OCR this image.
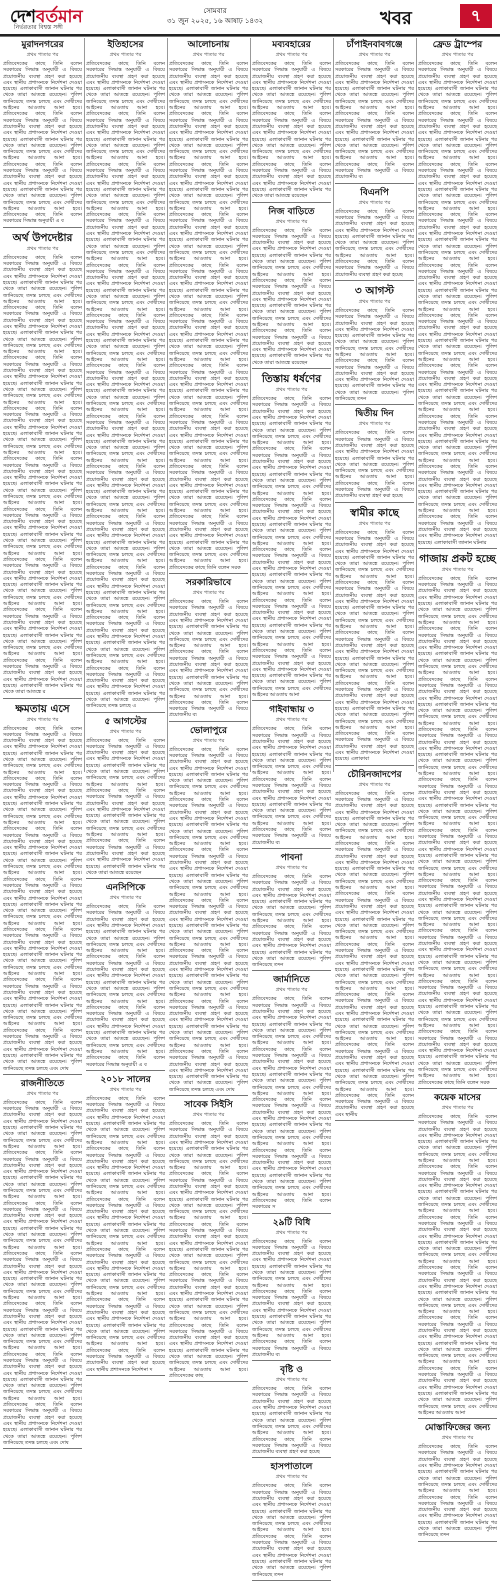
দেশবর্তমান
নির্ভরতার বিশ্বস্ত সঙ্গী
সোমবার
৩১ জুন ২০২৫, ১৬ আষাঢ় ১৪৩২	খবর	৭
মুরাদনগরের
প্রথম পাতার পর
প্রতিবেদকের কাছে তিনি বলেন সরকারের সিদ্ধান্ত অনুযায়ী এ বিষয়ে প্রয়োজনীয় ব্যবস্থা গ্রহণ করা হয়েছে এবং স্থানীয় প্রশাসনকে নির্দেশনা দেওয়া হয়েছে। এলাকাবাসী জানান ঘটনার পর থেকে তারা আতঙ্কে রয়েছেন। পুলিশ জানিয়েছে তদন্ত চলছে এবং দোষীদের আইনের আওতায় আনা হবে। প্রতিবেদকের কাছে তিনি বলেন সরকারের সিদ্ধান্ত অনুযায়ী এ বিষয়ে প্রয়োজনীয় ব্যবস্থা গ্রহণ করা হয়েছে এবং স্থানীয় প্রশাসনকে নির্দেশনা দেওয়া হয়েছে। এলাকাবাসী জানান ঘটনার পর থেকে তারা আতঙ্কে রয়েছেন। পুলিশ জানিয়েছে তদন্ত চলছে এবং দোষীদের আইনের আওতায় আনা হবে। প্রতিবেদকের কাছে তিনি বলেন সরকারের সিদ্ধান্ত অনুযায়ী এ বিষয়ে প্রয়োজনীয় ব্যবস্থা গ্রহণ করা হয়েছে এবং স্থানীয় প্রশাসনকে নির্দেশনা দেওয়া হয়েছে। এলাকাবাসী জানান ঘটনার পর থেকে তারা আতঙ্কে রয়েছেন। পুলিশ জানিয়েছে তদন্ত চলছে এবং দোষীদের আইনের আওতায় আনা হবে। প্রতিবেদকের কাছে তিনি বলেন সরকারের সিদ্ধান্ত অনুযায়ী এ ব
অর্থ উপদেষ্টার
প্রথম পাতার পর
প্রতিবেদকের কাছে তিনি বলেন সরকারের সিদ্ধান্ত অনুযায়ী এ বিষয়ে প্রয়োজনীয় ব্যবস্থা গ্রহণ করা হয়েছে এবং স্থানীয় প্রশাসনকে নির্দেশনা দেওয়া হয়েছে। এলাকাবাসী জানান ঘটনার পর থেকে তারা আতঙ্কে রয়েছেন। পুলিশ জানিয়েছে তদন্ত চলছে এবং দোষীদের আইনের আওতায় আনা হবে। প্রতিবেদকের কাছে তিনি বলেন সরকারের সিদ্ধান্ত অনুযায়ী এ বিষয়ে প্রয়োজনীয় ব্যবস্থা গ্রহণ করা হয়েছে এবং স্থানীয় প্রশাসনকে নির্দেশনা দেওয়া হয়েছে। এলাকাবাসী জানান ঘটনার পর থেকে তারা আতঙ্কে রয়েছেন। পুলিশ জানিয়েছে তদন্ত চলছে এবং দোষীদের আইনের আওতায় আনা হবে। প্রতিবেদকের কাছে তিনি বলেন সরকারের সিদ্ধান্ত অনুযায়ী এ বিষয়ে প্রয়োজনীয় ব্যবস্থা গ্রহণ করা হয়েছে এবং স্থানীয় প্রশাসনকে নির্দেশনা দেওয়া হয়েছে। এলাকাবাসী জানান ঘটনার পর থেকে তারা আতঙ্কে রয়েছেন। পুলিশ জানিয়েছে তদন্ত চলছে এবং দোষীদের আইনের আওতায় আনা হবে। প্রতিবেদকের কাছে তিনি বলেন সরকারের সিদ্ধান্ত অনুযায়ী এ বিষয়ে প্রয়োজনীয় ব্যবস্থা গ্রহণ করা হয়েছে এবং স্থানীয় প্রশাসনকে নির্দেশনা দেওয়া হয়েছে। এলাকাবাসী জানান ঘটনার পর থেকে তারা আতঙ্কে রয়েছেন। পুলিশ জানিয়েছে তদন্ত চলছে এবং দোষীদের আইনের আওতায় আনা হবে। প্রতিবেদকের কাছে তিনি বলেন সরকারের সিদ্ধান্ত অনুযায়ী এ বিষয়ে প্রয়োজনীয় ব্যবস্থা গ্রহণ করা হয়েছে এবং স্থানীয় প্রশাসনকে নির্দেশনা দেওয়া হয়েছে। এলাকাবাসী জানান ঘটনার পর থেকে তারা আতঙ্কে রয়েছেন। পুলিশ জানিয়েছে তদন্ত চলছে এবং দোষীদের আইনের আওতায় আনা হবে। প্রতিবেদকের কাছে তিনি বলেন সরকারের সিদ্ধান্ত অনুযায়ী এ বিষয়ে প্রয়োজনীয় ব্যবস্থা গ্রহণ করা হয়েছে এবং স্থানীয় প্রশাসনকে নির্দেশনা দেওয়া হয়েছে। এলাকাবাসী জানান ঘটনার পর থেকে তারা আতঙ্কে রয়েছেন। পুলিশ জানিয়েছে তদন্ত চলছে এবং দোষীদের আইনের আওতায় আনা হবে। প্রতিবেদকের কাছে তিনি বলেন সরকারের সিদ্ধান্ত অনুযায়ী এ বিষয়ে প্রয়োজনীয় ব্যবস্থা গ্রহণ করা হয়েছে এবং স্থানীয় প্রশাসনকে নির্দেশনা দেওয়া হয়েছে। এলাকাবাসী জানান ঘটনার পর থেকে তারা আতঙ্কে রয়েছেন। পুলিশ জানিয়েছে তদন্ত চলছে এবং দোষীদের আইনের আওতায় আনা হবে। প্রতিবেদকের কাছে তিনি বলেন সরকারের সিদ্ধান্ত অনুযায়ী এ বিষয়ে প্রয়োজনীয় ব্যবস্থা গ্রহণ করা হয়েছে এবং স্থানীয় প্রশাসনকে নির্দেশনা দেওয়া হয়েছে। এলাকাবাসী জানান ঘটনার পর থেকে তারা আতঙ্কে রয়েছেন। পুলিশ জানিয়েছে তদন্ত চলছে এবং দোষীদের আইনের আওতায় আনা হবে। প্রতিবেদকের কাছে তিনি বলেন সরকারের সিদ্ধান্ত অনুযায়ী এ বিষয়ে প্রয়োজনীয় ব্যবস্থা গ্রহণ করা হয়েছে এবং স্থানীয় প্রশাসনকে নির্দেশনা দেওয়া হয়েছে। এলাকাবাসী জানান ঘটনার পর থেকে তারা আতঙ্কে র
ক্ষমতায় এসে
প্রথম পাতার পর
প্রতিবেদকের কাছে তিনি বলেন সরকারের সিদ্ধান্ত অনুযায়ী এ বিষয়ে প্রয়োজনীয় ব্যবস্থা গ্রহণ করা হয়েছে এবং স্থানীয় প্রশাসনকে নির্দেশনা দেওয়া হয়েছে। এলাকাবাসী জানান ঘটনার পর থেকে তারা আতঙ্কে রয়েছেন। পুলিশ জানিয়েছে তদন্ত চলছে এবং দোষীদের আইনের আওতায় আনা হবে। প্রতিবেদকের কাছে তিনি বলেন সরকারের সিদ্ধান্ত অনুযায়ী এ বিষয়ে প্রয়োজনীয় ব্যবস্থা গ্রহণ করা হয়েছে এবং স্থানীয় প্রশাসনকে নির্দেশনা দেওয়া হয়েছে। এলাকাবাসী জানান ঘটনার পর থেকে তারা আতঙ্কে রয়েছেন। পুলিশ জানিয়েছে তদন্ত চলছে এবং দোষীদের আইনের আওতায় আনা হবে। প্রতিবেদকের কাছে তিনি বলেন সরকারের সিদ্ধান্ত অনুযায়ী এ বিষয়ে প্রয়োজনীয় ব্যবস্থা গ্রহণ করা হয়েছে এবং স্থানীয় প্রশাসনকে নির্দেশনা দেওয়া হয়েছে। এলাকাবাসী জানান ঘটনার পর থেকে তারা আতঙ্কে রয়েছেন। পুলিশ জানিয়েছে তদন্ত চলছে এবং দোষীদের আইনের আওতায় আনা হবে। প্রতিবেদকের কাছে তিনি বলেন সরকারের সিদ্ধান্ত অনুযায়ী এ বিষয়ে প্রয়োজনীয় ব্যবস্থা গ্রহণ করা হয়েছে এবং স্থানীয় প্রশাসনকে নির্দেশনা দেওয়া হয়েছে। এলাকাবাসী জানান ঘটনার পর থেকে তারা আতঙ্কে রয়েছেন। পুলিশ জানিয়েছে তদন্ত চলছে এবং দোষীদের আইনের আওতায় আনা হবে। প্রতিবেদকের কাছে তিনি বলেন সরকারের সিদ্ধান্ত অনুযায়ী এ বিষয়ে প্রয়োজনীয় ব্যবস্থা গ্রহণ করা হয়েছে এবং স্থানীয় প্রশাসনকে নির্দেশনা দেওয়া হয়েছে। এলাকাবাসী জানান ঘটনার পর থেকে তারা আতঙ্কে রয়েছেন। পুলিশ জানিয়েছে তদন্ত চলছে এবং দোষীদের আইনের আওতায় আনা হবে। প্রতিবেদকের কাছে তিনি বলেন সরকারের সিদ্ধান্ত অনুযায়ী এ বিষয়ে প্রয়োজনীয় ব্যবস্থা গ্রহণ করা হয়েছে এবং স্থানীয় প্রশাসনকে নির্দেশনা দেওয়া হয়েছে। এলাকাবাসী জানান ঘটনার পর থেকে তারা আতঙ্কে রয়েছেন। পুলিশ জানিয়েছে তদন্ত চলছে এবং দোষীদের আইনের আওতায় আনা হবে। প্রতিবেদকের কাছে তিনি বলেন সরকারের সিদ্ধান্ত অনুযায়ী এ বিষয়ে প্রয়োজনীয় ব্যবস্থা গ্রহণ করা হয়েছে এবং স্থানীয় প্রশাসনকে নির্দেশনা দেওয়া হয়েছে। এলাকাবাসী জানান ঘটনার পর থেকে তারা আতঙ্কে রয়েছেন। পুলিশ জানিয়েছে তদন্ত চলছে এবং দোষ
রাজনীতিতে
প্রথম পাতার পর
প্রতিবেদকের কাছে তিনি বলেন সরকারের সিদ্ধান্ত অনুযায়ী এ বিষয়ে প্রয়োজনীয় ব্যবস্থা গ্রহণ করা হয়েছে এবং স্থানীয় প্রশাসনকে নির্দেশনা দেওয়া হয়েছে। এলাকাবাসী জানান ঘটনার পর থেকে তারা আতঙ্কে রয়েছেন। পুলিশ জানিয়েছে তদন্ত চলছে এবং দোষীদের আইনের আওতায় আনা হবে। প্রতিবেদকের কাছে তিনি বলেন সরকারের সিদ্ধান্ত অনুযায়ী এ বিষয়ে প্রয়োজনীয় ব্যবস্থা গ্রহণ করা হয়েছে এবং স্থানীয় প্রশাসনকে নির্দেশনা দেওয়া হয়েছে। এলাকাবাসী জানান ঘটনার পর থেকে তারা আতঙ্কে রয়েছেন। পুলিশ জানিয়েছে তদন্ত চলছে এবং দোষীদের আইনের আওতায় আনা হবে। প্রতিবেদকের কাছে তিনি বলেন সরকারের সিদ্ধান্ত অনুযায়ী এ বিষয়ে প্রয়োজনীয় ব্যবস্থা গ্রহণ করা হয়েছে এবং স্থানীয় প্রশাসনকে নির্দেশনা দেওয়া হয়েছে। এলাকাবাসী জানান ঘটনার পর থেকে তারা আতঙ্কে রয়েছেন। পুলিশ জানিয়েছে তদন্ত চলছে এবং দোষীদের আইনের আওতায় আনা হবে। প্রতিবেদকের কাছে তিনি বলেন সরকারের সিদ্ধান্ত অনুযায়ী এ বিষয়ে প্রয়োজনীয় ব্যবস্থা গ্রহণ করা হয়েছে এবং স্থানীয় প্রশাসনকে নির্দেশনা দেওয়া হয়েছে। এলাকাবাসী জানান ঘটনার পর থেকে তারা আতঙ্কে রয়েছেন। পুলিশ জানিয়েছে তদন্ত চলছে এবং দোষীদের আইনের আওতায় আনা হবে। প্রতিবেদকের কাছে তিনি বলেন সরকারের সিদ্ধান্ত অনুযায়ী এ বিষয়ে প্রয়োজনীয় ব্যবস্থা গ্রহণ করা হয়েছে এবং স্থানীয় প্রশাসনকে নির্দেশনা দেওয়া হয়েছে। এলাকাবাসী জানান ঘটনার পর থেকে তারা আতঙ্কে রয়েছেন। পুলিশ জানিয়েছে তদন্ত চলছে এবং দোষীদের আইনের আওতায় আনা হবে। প্রতিবেদকের কাছে তিনি বলেন সরকারের সিদ্ধান্ত অনুযায়ী এ বিষয়ে প্রয়োজনীয় ব্যবস্থা গ্রহণ করা হয়েছে এবং স্থানীয় প্রশাসনকে নির্দেশনা দেওয়া হয়েছে। এলাকাবাসী জানান ঘটনার পর থেকে তারা আতঙ্কে রয়েছেন। পুলিশ জানিয়েছে তদন্ত চলছে এবং দোষীদের আইনের আওতায় আনা হবে। প্রতিবেদকের কাছে তিনি বলেন সরকারের সিদ্ধান্ত অনুযায়ী এ বিষয়ে প্রয়োজনীয় ব্যবস্থা গ্রহণ করা হয়েছে এবং স্থানীয় প্রশাসনকে নির্দেশনা দেওয়া হয়েছে। এলাকাবাসী জানান ঘটনার পর থেকে তারা আতঙ্কে রয়েছেন। পুলিশ জানিয়েছে তদন্ত চলছে এবং দোষ
ইতিহাসের
প্রথম পাতার পর
প্রতিবেদকের কাছে তিনি বলেন সরকারের সিদ্ধান্ত অনুযায়ী এ বিষয়ে প্রয়োজনীয় ব্যবস্থা গ্রহণ করা হয়েছে এবং স্থানীয় প্রশাসনকে নির্দেশনা দেওয়া হয়েছে। এলাকাবাসী জানান ঘটনার পর থেকে তারা আতঙ্কে রয়েছেন। পুলিশ জানিয়েছে তদন্ত চলছে এবং দোষীদের আইনের আওতায় আনা হবে। প্রতিবেদকের কাছে তিনি বলেন সরকারের সিদ্ধান্ত অনুযায়ী এ বিষয়ে প্রয়োজনীয় ব্যবস্থা গ্রহণ করা হয়েছে এবং স্থানীয় প্রশাসনকে নির্দেশনা দেওয়া হয়েছে। এলাকাবাসী জানান ঘটনার পর থেকে তারা আতঙ্কে রয়েছেন। পুলিশ জানিয়েছে তদন্ত চলছে এবং দোষীদের আইনের আওতায় আনা হবে। প্রতিবেদকের কাছে তিনি বলেন সরকারের সিদ্ধান্ত অনুযায়ী এ বিষয়ে প্রয়োজনীয় ব্যবস্থা গ্রহণ করা হয়েছে এবং স্থানীয় প্রশাসনকে নির্দেশনা দেওয়া হয়েছে। এলাকাবাসী জানান ঘটনার পর থেকে তারা আতঙ্কে রয়েছেন। পুলিশ জানিয়েছে তদন্ত চলছে এবং দোষীদের আইনের আওতায় আনা হবে। প্রতিবেদকের কাছে তিনি বলেন সরকারের সিদ্ধান্ত অনুযায়ী এ বিষয়ে প্রয়োজনীয় ব্যবস্থা গ্রহণ করা হয়েছে এবং স্থানীয় প্রশাসনকে নির্দেশনা দেওয়া হয়েছে। এলাকাবাসী জানান ঘটনার পর থেকে তারা আতঙ্কে রয়েছেন। পুলিশ জানিয়েছে তদন্ত চলছে এবং দোষীদের আইনের আওতায় আনা হবে। প্রতিবেদকের কাছে তিনি বলেন সরকারের সিদ্ধান্ত অনুযায়ী এ বিষয়ে প্রয়োজনীয় ব্যবস্থা গ্রহণ করা হয়েছে এবং স্থানীয় প্রশাসনকে নির্দেশনা দেওয়া হয়েছে। এলাকাবাসী জানান ঘটনার পর থেকে তারা আতঙ্কে রয়েছেন। পুলিশ জানিয়েছে তদন্ত চলছে এবং দোষীদের আইনের আওতায় আনা হবে। প্রতিবেদকের কাছে তিনি বলেন সরকারের সিদ্ধান্ত অনুযায়ী এ বিষয়ে প্রয়োজনীয় ব্যবস্থা গ্রহণ করা হয়েছে এবং স্থানীয় প্রশাসনকে নির্দেশনা দেওয়া হয়েছে। এলাকাবাসী জানান ঘটনার পর থেকে তারা আতঙ্কে রয়েছেন। পুলিশ জানিয়েছে তদন্ত চলছে এবং দোষীদের আইনের আওতায় আনা হবে। প্রতিবেদকের কাছে তিনি বলেন সরকারের সিদ্ধান্ত অনুযায়ী এ বিষয়ে প্রয়োজনীয় ব্যবস্থা গ্রহণ করা হয়েছে এবং স্থানীয় প্রশাসনকে নির্দেশনা দেওয়া হয়েছে। এলাকাবাসী জানান ঘটনার পর থেকে তারা আতঙ্কে রয়েছেন। পুলিশ জানিয়েছে তদন্ত চলছে এবং দোষীদের আইনের আওতায় আনা হবে। প্রতিবেদকের কাছে তিনি বলেন সরকারের সিদ্ধান্ত অনুযায়ী এ বিষয়ে প্রয়োজনীয় ব্যবস্থা গ্রহণ করা হয়েছে এবং স্থানীয় প্রশাসনকে নির্দেশনা দেওয়া হয়েছে। এলাকাবাসী জানান ঘটনার পর থেকে তারা আতঙ্কে রয়েছেন। পুলিশ জানিয়েছে তদন্ত চলছে এবং দোষীদের আইনের আওতায় আনা হবে। প্রতিবেদকের কাছে তিনি বলেন সরকারের সিদ্ধান্ত অনুযায়ী এ বিষয়ে প্রয়োজনীয় ব্যবস্থা গ্রহণ করা হয়েছে এবং স্থানীয় প্রশাসনকে নির্দেশনা দেওয়া হয়েছে। এলাকাবাসী জানান ঘটনার পর থেকে তারা আতঙ্কে রয়েছেন। পুলিশ জানিয়েছে তদন্ত চলছে এবং দোষীদের আইনের আওতায় আনা হবে। প্রতিবেদকের কাছে তিনি বলেন সরকারের সিদ্ধান্ত অনুযায়ী এ বিষয়ে প্রয়োজনীয় ব্যবস্থা গ্রহণ করা হয়েছে এবং স্থানীয় প্রশাসনকে নির্দেশনা দেওয়া হয়েছে। এলাকাবাসী জানান ঘটনার পর থেকে তারা আতঙ্কে রয়েছেন। পুলিশ জানিয়েছে তদন্ত চলছে এবং দোষীদের আইনের আওতায় আনা হবে। প্রতিবেদকের কাছে তিনি বলেন সরকারের সিদ্ধান্ত অনুযায়ী এ বিষয়ে প্রয়োজনীয় ব্যবস্থা গ্রহণ করা হয়েছে এবং স্থানীয় প্রশাসনকে নির্দেশনা দেওয়া হয়েছে। এলাকাবাসী জানান ঘটনার পর থেকে তারা আতঙ্কে রয়েছেন। পুলিশ জানিয়েছে তদন্ত চলছে এবং দোষীদের আইনের আওতায় আনা হবে। প্রতিবেদকের কাছে তিনি বলেন সরকারের সিদ্ধান্ত অনুযায়ী এ বিষয়ে প্রয়োজনীয় ব্যবস্থা গ্রহণ করা হয়েছে এবং স্থানীয় প্রশাসনকে নির্দেশনা দেওয়া হয়েছে। এলাকাবাসী জানান ঘটনার পর থেকে তারা আতঙ্কে রয়েছেন। পুলিশ জানিয়েছে তদন্ত চলছে এবং দোষীদের আইনের আওতায় আনা হবে। প্রতিবেদকের কাছে তিনি বলেন সরকারের সিদ্ধান্ত অনুযায়ী এ বিষয়ে প্রয়োজনীয় ব্যবস্থা গ্রহণ করা হয়েছে এবং স্থানীয় প্রশাসনকে নির্দেশনা দেওয়া হয়েছে। এলাকাবাসী জানান ঘটনার পর থেকে তারা আতঙ্কে রয়েছেন। পুলিশ জানিয়েছে তদন্ত চলছে এ
৫ আগস্টের
প্রথম পাতার পর
প্রতিবেদকের কাছে তিনি বলেন সরকারের সিদ্ধান্ত অনুযায়ী এ বিষয়ে প্রয়োজনীয় ব্যবস্থা গ্রহণ করা হয়েছে এবং স্থানীয় প্রশাসনকে নির্দেশনা দেওয়া হয়েছে। এলাকাবাসী জানান ঘটনার পর থেকে তারা আতঙ্কে রয়েছেন। পুলিশ জানিয়েছে তদন্ত চলছে এবং দোষীদের আইনের আওতায় আনা হবে। প্রতিবেদকের কাছে তিনি বলেন সরকারের সিদ্ধান্ত অনুযায়ী এ বিষয়ে প্রয়োজনীয় ব্যবস্থা গ্রহণ করা হয়েছে এবং স্থানীয় প্রশাসনকে নির্দেশনা দেওয়া হয়েছে। এলাকাবাসী জানান ঘটনার পর থেকে তারা আতঙ্কে রয়েছেন। পুলিশ জানিয়েছে তদন্ত চলছে এবং দোষীদের আইনের আওতায় আনা হবে। প্রতিবেদকের কাছে তিনি বলেন সরকারের সিদ্ধান্ত অনুযায়ী এ বিষয়ে প্রয়োজনীয় ব্যবস্থা গ্রহণ করা হয়েছে এবং স্থানীয় প্রশাসনকে নির্দেশনা দেওয়া হয়েছে। এলাকাবাসী জানান ঘটনার পর থেকে তারা আতঙ্কে রয়েছেন
এনসিপিকে
প্রথম পাতার পর
প্রতিবেদকের কাছে তিনি বলেন সরকারের সিদ্ধান্ত অনুযায়ী এ বিষয়ে প্রয়োজনীয় ব্যবস্থা গ্রহণ করা হয়েছে এবং স্থানীয় প্রশাসনকে নির্দেশনা দেওয়া হয়েছে। এলাকাবাসী জানান ঘটনার পর থেকে তারা আতঙ্কে রয়েছেন। পুলিশ জানিয়েছে তদন্ত চলছে এবং দোষীদের আইনের আওতায় আনা হবে। প্রতিবেদকের কাছে তিনি বলেন সরকারের সিদ্ধান্ত অনুযায়ী এ বিষয়ে প্রয়োজনীয় ব্যবস্থা গ্রহণ করা হয়েছে এবং স্থানীয় প্রশাসনকে নির্দেশনা দেওয়া হয়েছে। এলাকাবাসী জানান ঘটনার পর থেকে তারা আতঙ্কে রয়েছেন। পুলিশ জানিয়েছে তদন্ত চলছে এবং দোষীদের আইনের আওতায় আনা হবে। প্রতিবেদকের কাছে তিনি বলেন সরকারের সিদ্ধান্ত অনুযায়ী এ বিষয়ে প্রয়োজনীয় ব্যবস্থা গ্রহণ করা হয়েছে এবং স্থানীয় প্রশাসনকে নির্দেশনা দেওয়া হয়েছে। এলাকাবাসী জানান ঘটনার পর থেকে তারা আতঙ্কে রয়েছেন। পুলিশ জানিয়েছে তদন্ত চলছে এবং দোষীদের আইনের আওতায় আনা হবে। প্রতিবেদকের কাছে তিনি বলেন সরকারের সিদ্ধান্ত অনুযায়ী এ ব
২০১৮ সালের
প্রথম পাতার পর
প্রতিবেদকের কাছে তিনি বলেন সরকারের সিদ্ধান্ত অনুযায়ী এ বিষয়ে প্রয়োজনীয় ব্যবস্থা গ্রহণ করা হয়েছে এবং স্থানীয় প্রশাসনকে নির্দেশনা দেওয়া হয়েছে। এলাকাবাসী জানান ঘটনার পর থেকে তারা আতঙ্কে রয়েছেন। পুলিশ জানিয়েছে তদন্ত চলছে এবং দোষীদের আইনের আওতায় আনা হবে। প্রতিবেদকের কাছে তিনি বলেন সরকারের সিদ্ধান্ত অনুযায়ী এ বিষয়ে প্রয়োজনীয় ব্যবস্থা গ্রহণ করা হয়েছে এবং স্থানীয় প্রশাসনকে নির্দেশনা দেওয়া হয়েছে। এলাকাবাসী জানান ঘটনার পর থেকে তারা আতঙ্কে রয়েছেন। পুলিশ জানিয়েছে তদন্ত চলছে এবং দোষীদের আইনের আওতায় আনা হবে। প্রতিবেদকের কাছে তিনি বলেন সরকারের সিদ্ধান্ত অনুযায়ী এ বিষয়ে প্রয়োজনীয় ব্যবস্থা গ্রহণ করা হয়েছে এবং স্থানীয় প্রশাসনকে নির্দেশনা দেওয়া হয়েছে। এলাকাবাসী জানান ঘটনার পর থেকে তারা আতঙ্কে রয়েছেন। পুলিশ জানিয়েছে তদন্ত চলছে এবং দোষীদের আইনের আওতায় আনা হবে। প্রতিবেদকের কাছে তিনি বলেন সরকারের সিদ্ধান্ত অনুযায়ী এ বিষয়ে প্রয়োজনীয় ব্যবস্থা গ্রহণ করা হয়েছে এবং স্থানীয় প্রশাসনকে নির্দেশনা দেওয়া হয়েছে। এলাকাবাসী জানান ঘটনার পর থেকে তারা আতঙ্কে রয়েছেন। পুলিশ জানিয়েছে তদন্ত চলছে এবং দোষীদের আইনের আওতায় আনা হবে। প্রতিবেদকের কাছে তিনি বলেন সরকারের সিদ্ধান্ত অনুযায়ী এ বিষয়ে প্রয়োজনীয় ব্যবস্থা গ্রহণ করা হয়েছে এবং স্থানীয় প্রশাসনকে নির্দেশনা দেওয়া হয়েছে। এলাকাবাসী জানান ঘটনার পর থেকে তারা আতঙ্কে রয়েছেন। পুলিশ জানিয়েছে তদন্ত চলছে এবং দোষীদের আইনের আওতায় আনা হবে। প্রতিবেদকের কাছে তিনি বলেন সরকারের সিদ্ধান্ত অনুযায়ী এ বিষয়ে প্রয়োজনীয় ব্যবস্থা গ্রহণ করা হয়েছে এবং স্থানীয় প্রশাসনকে নির্দেশনা দ
আলোচনায়
প্রথম পাতার পর
প্রতিবেদকের কাছে তিনি বলেন সরকারের সিদ্ধান্ত অনুযায়ী এ বিষয়ে প্রয়োজনীয় ব্যবস্থা গ্রহণ করা হয়েছে এবং স্থানীয় প্রশাসনকে নির্দেশনা দেওয়া হয়েছে। এলাকাবাসী জানান ঘটনার পর থেকে তারা আতঙ্কে রয়েছেন। পুলিশ জানিয়েছে তদন্ত চলছে এবং দোষীদের আইনের আওতায় আনা হবে। প্রতিবেদকের কাছে তিনি বলেন সরকারের সিদ্ধান্ত অনুযায়ী এ বিষয়ে প্রয়োজনীয় ব্যবস্থা গ্রহণ করা হয়েছে এবং স্থানীয় প্রশাসনকে নির্দেশনা দেওয়া হয়েছে। এলাকাবাসী জানান ঘটনার পর থেকে তারা আতঙ্কে রয়েছেন। পুলিশ জানিয়েছে তদন্ত চলছে এবং দোষীদের আইনের আওতায় আনা হবে। প্রতিবেদকের কাছে তিনি বলেন সরকারের সিদ্ধান্ত অনুযায়ী এ বিষয়ে প্রয়োজনীয় ব্যবস্থা গ্রহণ করা হয়েছে এবং স্থানীয় প্রশাসনকে নির্দেশনা দেওয়া হয়েছে। এলাকাবাসী জানান ঘটনার পর থেকে তারা আতঙ্কে রয়েছেন। পুলিশ জানিয়েছে তদন্ত চলছে এবং দোষীদের আইনের আওতায় আনা হবে। প্রতিবেদকের কাছে তিনি বলেন সরকারের সিদ্ধান্ত অনুযায়ী এ বিষয়ে প্রয়োজনীয় ব্যবস্থা গ্রহণ করা হয়েছে এবং স্থানীয় প্রশাসনকে নির্দেশনা দেওয়া হয়েছে। এলাকাবাসী জানান ঘটনার পর থেকে তারা আতঙ্কে রয়েছেন। পুলিশ জানিয়েছে তদন্ত চলছে এবং দোষীদের আইনের আওতায় আনা হবে। প্রতিবেদকের কাছে তিনি বলেন সরকারের সিদ্ধান্ত অনুযায়ী এ বিষয়ে প্রয়োজনীয় ব্যবস্থা গ্রহণ করা হয়েছে এবং স্থানীয় প্রশাসনকে নির্দেশনা দেওয়া হয়েছে। এলাকাবাসী জানান ঘটনার পর থেকে তারা আতঙ্কে রয়েছেন। পুলিশ জানিয়েছে তদন্ত চলছে এবং দোষীদের আইনের আওতায় আনা হবে। প্রতিবেদকের কাছে তিনি বলেন সরকারের সিদ্ধান্ত অনুযায়ী এ বিষয়ে প্রয়োজনীয় ব্যবস্থা গ্রহণ করা হয়েছে এবং স্থানীয় প্রশাসনকে নির্দেশনা দেওয়া হয়েছে। এলাকাবাসী জানান ঘটনার পর থেকে তারা আতঙ্কে রয়েছেন। পুলিশ জানিয়েছে তদন্ত চলছে এবং দোষীদের আইনের আওতায় আনা হবে। প্রতিবেদকের কাছে তিনি বলেন সরকারের সিদ্ধান্ত অনুযায়ী এ বিষয়ে প্রয়োজনীয় ব্যবস্থা গ্রহণ করা হয়েছে এবং স্থানীয় প্রশাসনকে নির্দেশনা দেওয়া হয়েছে। এলাকাবাসী জানান ঘটনার পর থেকে তারা আতঙ্কে রয়েছেন। পুলিশ জানিয়েছে তদন্ত চলছে এবং দোষীদের আইনের আওতায় আনা হবে। প্রতিবেদকের কাছে তিনি বলেন সরকারের সিদ্ধান্ত অনুযায়ী এ বিষয়ে প্রয়োজনীয় ব্যবস্থা গ্রহণ করা হয়েছে এবং স্থানীয় প্রশাসনকে নির্দেশনা দেওয়া হয়েছে। এলাকাবাসী জানান ঘটনার পর থেকে তারা আতঙ্কে রয়েছেন। পুলিশ জানিয়েছে তদন্ত চলছে এবং দোষীদের আইনের আওতায় আনা হবে। প্রতিবেদকের কাছে তিনি বলেন সরকারের সিদ্ধান্ত অনুযায়ী এ বিষয়ে প্রয়োজনীয় ব্যবস্থা গ্রহণ করা হয়েছে এবং স্থানীয় প্রশাসনকে নির্দেশনা দেওয়া হয়েছে। এলাকাবাসী জানান ঘটনার পর থেকে তারা আতঙ্কে রয়েছেন। পুলিশ জানিয়েছে তদন্ত চলছে এবং দোষীদের আইনের আওতায় আনা হবে। প্রতিবেদকের কাছে তিনি বলেন সরকারের সিদ্ধান্ত অনুযায়ী এ বিষয়ে প্রয়োজনীয় ব্যবস্থা গ্রহণ করা হয়েছে এবং স্থানীয় প্রশাসনকে নির্দেশনা দেওয়া হয়েছে। এলাকাবাসী জানান ঘটনার পর থেকে তারা আতঙ্কে রয়েছেন। পুলিশ জানিয়েছে তদন্ত চলছে এবং দোষীদের আইনের আওতায় আনা হবে। প্রতিবেদকের কাছে তিনি বলেন সরক
সরকারিভাবে
প্রথম পাতার পর
প্রতিবেদকের কাছে তিনি বলেন সরকারের সিদ্ধান্ত অনুযায়ী এ বিষয়ে প্রয়োজনীয় ব্যবস্থা গ্রহণ করা হয়েছে এবং স্থানীয় প্রশাসনকে নির্দেশনা দেওয়া হয়েছে। এলাকাবাসী জানান ঘটনার পর থেকে তারা আতঙ্কে রয়েছেন। পুলিশ জানিয়েছে তদন্ত চলছে এবং দোষীদের আইনের আওতায় আনা হবে। প্রতিবেদকের কাছে তিনি বলেন সরকারের সিদ্ধান্ত অনুযায়ী এ বিষয়ে প্রয়োজনীয় ব্যবস্থা গ্রহণ করা হয়েছে এবং স্থানীয় প্রশাসনকে নির্দেশনা দেওয়া হয়েছে। এলাকাবাসী জানান ঘটনার পর থেকে তারা আতঙ্কে রয়েছেন। পুলিশ জানিয়েছে তদন্ত চলছে এবং দোষীদের আইনের আওতায় আনা হবে। প্রতিবেদকের কাছে তিনি বলেন সরকারের সিদ্ধান্ত অনুযায়ী এ বিষয়ে প্রয়োজনীয় ব্য
ভোলাপুরে
প্রথম পাতার পর
প্রতিবেদকের কাছে তিনি বলেন সরকারের সিদ্ধান্ত অনুযায়ী এ বিষয়ে প্রয়োজনীয় ব্যবস্থা গ্রহণ করা হয়েছে এবং স্থানীয় প্রশাসনকে নির্দেশনা দেওয়া হয়েছে। এলাকাবাসী জানান ঘটনার পর থেকে তারা আতঙ্কে রয়েছেন। পুলিশ জানিয়েছে তদন্ত চলছে এবং দোষীদের আইনের আওতায় আনা হবে। প্রতিবেদকের কাছে তিনি বলেন সরকারের সিদ্ধান্ত অনুযায়ী এ বিষয়ে প্রয়োজনীয় ব্যবস্থা গ্রহণ করা হয়েছে এবং স্থানীয় প্রশাসনকে নির্দেশনা দেওয়া হয়েছে। এলাকাবাসী জানান ঘটনার পর থেকে তারা আতঙ্কে রয়েছেন। পুলিশ জানিয়েছে তদন্ত চলছে এবং দোষীদের আইনের আওতায় আনা হবে। প্রতিবেদকের কাছে তিনি বলেন সরকারের সিদ্ধান্ত অনুযায়ী এ বিষয়ে প্রয়োজনীয় ব্যবস্থা গ্রহণ করা হয়েছে এবং স্থানীয় প্রশাসনকে নির্দেশনা দেওয়া হয়েছে। এলাকাবাসী জানান ঘটনার পর থেকে তারা আতঙ্কে রয়েছেন। পুলিশ জানিয়েছে তদন্ত চলছে এবং দোষীদের আইনের আওতায় আনা হবে। প্রতিবেদকের কাছে তিনি বলেন সরকারের সিদ্ধান্ত অনুযায়ী এ বিষয়ে প্রয়োজনীয় ব্যবস্থা গ্রহণ করা হয়েছে এবং স্থানীয় প্রশাসনকে নির্দেশনা দেওয়া হয়েছে। এলাকাবাসী জানান ঘটনার পর থেকে তারা আতঙ্কে রয়েছেন। পুলিশ জানিয়েছে তদন্ত চলছে এবং দোষীদের আইনের আওতায় আনা হবে। প্রতিবেদকের কাছে তিনি বলেন সরকারের সিদ্ধান্ত অনুযায়ী এ বিষয়ে প্রয়োজনীয় ব্যবস্থা গ্রহণ করা হয়েছে এবং স্থানীয় প্রশাসনকে নির্দেশনা দেওয়া হয়েছে। এলাকাবাসী জানান ঘটনার পর থেকে তারা আতঙ্কে রয়েছেন। পুলিশ জানিয়েছে তদন্ত চলছে এবং দোষীদের আইনের আওতায় আনা হবে। প্রতিবেদকের কাছে তিনি বলেন সরকারের সিদ্ধান্ত অনুযায়ী এ বিষয়ে প্রয়োজনীয় ব্যবস্থা গ্রহণ করা হয়েছে এবং স্থানীয় প্রশাসনকে নির্দেশনা দেওয়া হয়েছে। এলাকাবাসী জানান ঘটনার পর থেকে তারা আতঙ্কে রয়েছেন। পুলিশ জানিয়েছে তদন্ত চলছে এবং দোষীদের আইনের আওতায় আনা হবে। প্রতিবেদকের কাছে তিনি বলেন সরকারের সিদ্ধান্ত অনুযায়ী এ বিষয়ে প্রয়োজনীয় ব্যবস্থা গ্রহণ করা হয়েছে এবং স্থানীয় প্রশাসনকে নির্দেশনা দেওয়া হয়েছে। এলাকাবাসী জানান ঘটনার পর থেকে তারা আতঙ্কে রয়েছেন। পুলিশ জানিয়েছে তদন্ত চলছে এবং দোষ
সাবেক সিইসি
প্রথম পাতার পর
প্রতিবেদকের কাছে তিনি বলেন সরকারের সিদ্ধান্ত অনুযায়ী এ বিষয়ে প্রয়োজনীয় ব্যবস্থা গ্রহণ করা হয়েছে এবং স্থানীয় প্রশাসনকে নির্দেশনা দেওয়া হয়েছে। এলাকাবাসী জানান ঘটনার পর থেকে তারা আতঙ্কে রয়েছেন। পুলিশ জানিয়েছে তদন্ত চলছে এবং দোষীদের আইনের আওতায় আনা হবে। প্রতিবেদকের কাছে তিনি বলেন সরকারের সিদ্ধান্ত অনুযায়ী এ বিষয়ে প্রয়োজনীয় ব্যবস্থা গ্রহণ করা হয়েছে এবং স্থানীয় প্রশাসনকে নির্দেশনা দেওয়া হয়েছে। এলাকাবাসী জানান ঘটনার পর থেকে তারা আতঙ্কে রয়েছেন। পুলিশ জানিয়েছে তদন্ত চলছে এবং দোষীদের আইনের আওতায় আনা হবে। প্রতিবেদকের কাছে তিনি বলেন সরকারের সিদ্ধান্ত অনুযায়ী এ বিষয়ে প্রয়োজনীয় ব্যবস্থা গ্রহণ করা হয়েছে এবং স্থানীয় প্রশাসনকে নির্দেশনা দেওয়া হয়েছে। এলাকাবাসী জানান ঘটনার পর থেকে তারা আতঙ্কে রয়েছেন। পুলিশ জানিয়েছে তদন্ত চলছে এবং দোষীদের আইনের আওতায় আনা হবে। প্রতিবেদকের কাছে তিনি বলেন সরকারের সিদ্ধান্ত অনুযায়ী এ বিষয়ে প্রয়োজনীয় ব্যবস্থা গ্রহণ করা হয়েছে এবং স্থানীয় প্রশাসনকে নির্দেশনা দেওয়া হয়েছে। এলাকাবাসী জানান ঘটনার পর থেকে তারা আতঙ্কে রয়েছেন। পুলিশ জানিয়েছে তদন্ত চলছে এবং দোষীদের আইনের আওতায় আনা হবে। প্রতিবেদকের কাছে তিনি বলেন সরকারের সিদ্ধান্ত অনুযায়ী এ বিষয়ে প্রয়োজনীয় ব্যবস্থা গ্রহণ করা হয়েছে এবং স্থানীয় প্রশাসনকে নির্দেশনা দেওয়া হয়েছে। এলাকাবাসী জানান ঘটনার পর থেকে তারা আতঙ্কে রয়েছেন। পুলিশ জানিয়েছে তদন্ত চলছে এবং দোষীদের আইনের আওতায় আনা হবে। প্রতিবেদকের কাছ
মব্যবহারের
প্রথম পাতার পর
প্রতিবেদকের কাছে তিনি বলেন সরকারের সিদ্ধান্ত অনুযায়ী এ বিষয়ে প্রয়োজনীয় ব্যবস্থা গ্রহণ করা হয়েছে এবং স্থানীয় প্রশাসনকে নির্দেশনা দেওয়া হয়েছে। এলাকাবাসী জানান ঘটনার পর থেকে তারা আতঙ্কে রয়েছেন। পুলিশ জানিয়েছে তদন্ত চলছে এবং দোষীদের আইনের আওতায় আনা হবে। প্রতিবেদকের কাছে তিনি বলেন সরকারের সিদ্ধান্ত অনুযায়ী এ বিষয়ে প্রয়োজনীয় ব্যবস্থা গ্রহণ করা হয়েছে এবং স্থানীয় প্রশাসনকে নির্দেশনা দেওয়া হয়েছে। এলাকাবাসী জানান ঘটনার পর থেকে তারা আতঙ্কে রয়েছেন। পুলিশ জানিয়েছে তদন্ত চলছে এবং দোষীদের আইনের আওতায় আনা হবে। প্রতিবেদকের কাছে তিনি বলেন সরকারের সিদ্ধান্ত অনুযায়ী এ বিষয়ে প্রয়োজনীয় ব্যবস্থা গ্রহণ করা হয়েছে এবং স্থানীয় প্রশাসনকে নির্দেশনা দেওয়া হয়েছে। এলাকাবাসী জানান ঘটনার পর থেকে তারা আতঙ্কে রয়েছেন
নিজ বাড়িতে
প্রথম পাতার পর
প্রতিবেদকের কাছে তিনি বলেন সরকারের সিদ্ধান্ত অনুযায়ী এ বিষয়ে প্রয়োজনীয় ব্যবস্থা গ্রহণ করা হয়েছে এবং স্থানীয় প্রশাসনকে নির্দেশনা দেওয়া হয়েছে। এলাকাবাসী জানান ঘটনার পর থেকে তারা আতঙ্কে রয়েছেন। পুলিশ জানিয়েছে তদন্ত চলছে এবং দোষীদের আইনের আওতায় আনা হবে। প্রতিবেদকের কাছে তিনি বলেন সরকারের সিদ্ধান্ত অনুযায়ী এ বিষয়ে প্রয়োজনীয় ব্যবস্থা গ্রহণ করা হয়েছে এবং স্থানীয় প্রশাসনকে নির্দেশনা দেওয়া হয়েছে। এলাকাবাসী জানান ঘটনার পর থেকে তারা আতঙ্কে রয়েছেন। পুলিশ জানিয়েছে তদন্ত চলছে এবং দোষীদের আইনের আওতায় আনা হবে। প্রতিবেদকের কাছে তিনি বলেন সরকারের সিদ্ধান্ত অনুযায়ী এ বিষয়ে প্রয়োজনীয় ব্যবস্থা গ্রহণ করা হয়েছে এবং স্থানীয় প্রশাসনকে নির্দেশনা দেওয়া হয়েছে। এলাকাবাসী জানান ঘটনার পর থেকে তারা আতঙ্কে রয়েছেন
তিস্তায় ধর্ষণের
প্রথম পাতার পর
প্রতিবেদকের কাছে তিনি বলেন সরকারের সিদ্ধান্ত অনুযায়ী এ বিষয়ে প্রয়োজনীয় ব্যবস্থা গ্রহণ করা হয়েছে এবং স্থানীয় প্রশাসনকে নির্দেশনা দেওয়া হয়েছে। এলাকাবাসী জানান ঘটনার পর থেকে তারা আতঙ্কে রয়েছেন। পুলিশ জানিয়েছে তদন্ত চলছে এবং দোষীদের আইনের আওতায় আনা হবে। প্রতিবেদকের কাছে তিনি বলেন সরকারের সিদ্ধান্ত অনুযায়ী এ বিষয়ে প্রয়োজনীয় ব্যবস্থা গ্রহণ করা হয়েছে এবং স্থানীয় প্রশাসনকে নির্দেশনা দেওয়া হয়েছে। এলাকাবাসী জানান ঘটনার পর থেকে তারা আতঙ্কে রয়েছেন। পুলিশ জানিয়েছে তদন্ত চলছে এবং দোষীদের আইনের আওতায় আনা হবে। প্রতিবেদকের কাছে তিনি বলেন সরকারের সিদ্ধান্ত অনুযায়ী এ বিষয়ে প্রয়োজনীয় ব্যবস্থা গ্রহণ করা হয়েছে এবং স্থানীয় প্রশাসনকে নির্দেশনা দেওয়া হয়েছে। এলাকাবাসী জানান ঘটনার পর থেকে তারা আতঙ্কে রয়েছেন। পুলিশ জানিয়েছে তদন্ত চলছে এবং দোষীদের আইনের আওতায় আনা হবে। প্রতিবেদকের কাছে তিনি বলেন সরকারের সিদ্ধান্ত অনুযায়ী এ বিষয়ে প্রয়োজনীয় ব্যবস্থা গ্রহণ করা হয়েছে এবং স্থানীয় প্রশাসনকে নির্দেশনা দেওয়া হয়েছে। এলাকাবাসী জানান ঘটনার পর থেকে তারা আতঙ্কে রয়েছেন। পুলিশ জানিয়েছে তদন্ত চলছে এবং দোষীদের আইনের আওতায় আনা হবে। প্রতিবেদকের কাছে তিনি বলেন সরকারের সিদ্ধান্ত অনুযায়ী এ বিষয়ে প্রয়োজনীয় ব্যবস্থা গ্রহণ করা হয়েছে এবং স্থানীয় প্রশাসনকে নির্দেশনা দেওয়া হয়েছে। এলাকাবাসী জানান ঘটনার পর থেকে তারা আতঙ্কে রয়েছেন। পুলিশ জানিয়েছে তদন্ত চলছে এবং দোষীদের আইনের আওতায় আনা হবে। প্রতিবেদকের কাছে তিনি বলেন সরকারের সিদ্ধান্ত অনুযায়ী এ বিষয়ে প্রয়োজনীয় ব্যবস্থা গ্রহণ করা হয়েছে এবং স্থানীয় প্রশাসনকে নির্দেশনা দেওয়া হয়েছে। এলাকাবাসী জানান ঘটনার পর থেকে তারা আতঙ্কে রয়েছেন। পুলিশ জানিয়েছে তদন্ত চলছে এবং দোষীদের আইনের আওতায় আনা
গাইবান্ধায় ৩
প্রথম পাতার পর
প্রতিবেদকের কাছে তিনি বলেন সরকারের সিদ্ধান্ত অনুযায়ী এ বিষয়ে প্রয়োজনীয় ব্যবস্থা গ্রহণ করা হয়েছে এবং স্থানীয় প্রশাসনকে নির্দেশনা দেওয়া হয়েছে। এলাকাবাসী জানান ঘটনার পর থেকে তারা আতঙ্কে রয়েছেন। পুলিশ জানিয়েছে তদন্ত চলছে এবং দোষীদের আইনের আওতায় আনা হবে। প্রতিবেদকের কাছে তিনি বলেন সরকারের সিদ্ধান্ত অনুযায়ী এ বিষয়ে প্রয়োজনীয় ব্যবস্থা গ্রহণ করা হয়েছে এবং স্থানীয় প্রশাসনকে নির্দেশনা দেওয়া হয়েছে। এলাকাবাসী জানান ঘটনার পর থেকে তারা আতঙ্কে রয়েছেন। পুলিশ জানিয়েছে তদন্ত চলছে এবং দোষীদের আইনের আওতায় আনা হবে। প্রতিবেদকের কাছে তিনি বলেন সরকারের সিদ্ধান্ত অনুযায়ী এ বিষয়ে প্রয়োজনীয় ব্য
পাবনা
প্রথম পাতার পর
প্রতিবেদকের কাছে তিনি বলেন সরকারের সিদ্ধান্ত অনুযায়ী এ বিষয়ে প্রয়োজনীয় ব্যবস্থা গ্রহণ করা হয়েছে এবং স্থানীয় প্রশাসনকে নির্দেশনা দেওয়া হয়েছে। এলাকাবাসী জানান ঘটনার পর থেকে তারা আতঙ্কে রয়েছেন। পুলিশ জানিয়েছে তদন্ত চলছে এবং দোষীদের আইনের আওতায় আনা হবে। প্রতিবেদকের কাছে তিনি বলেন সরকারের সিদ্ধান্ত অনুযায়ী এ বিষয়ে প্রয়োজনীয় ব্যবস্থা গ্রহণ করা হয়েছে এবং স্থানীয় প্রশাসনকে নির্দেশনা দেওয়া হয়েছে। এলাকাবাসী জানান ঘটনার পর থেকে তারা আতঙ্কে রয়েছেন। পুলিশ জানিয়েছে তদন
জার্মানিতে
প্রথম পাতার পর
প্রতিবেদকের কাছে তিনি বলেন সরকারের সিদ্ধান্ত অনুযায়ী এ বিষয়ে প্রয়োজনীয় ব্যবস্থা গ্রহণ করা হয়েছে এবং স্থানীয় প্রশাসনকে নির্দেশনা দেওয়া হয়েছে। এলাকাবাসী জানান ঘটনার পর থেকে তারা আতঙ্কে রয়েছেন। পুলিশ জানিয়েছে তদন্ত চলছে এবং দোষীদের আইনের আওতায় আনা হবে। প্রতিবেদকের কাছে তিনি বলেন সরকারের সিদ্ধান্ত অনুযায়ী এ বিষয়ে প্রয়োজনীয় ব্যবস্থা গ্রহণ করা হয়েছে এবং স্থানীয় প্রশাসনকে নির্দেশনা দেওয়া হয়েছে। এলাকাবাসী জানান ঘটনার পর থেকে তারা আতঙ্কে রয়েছেন। পুলিশ জানিয়েছে তদন্ত চলছে এবং দোষীদের আইনের আওতায় আনা হবে। প্রতিবেদকের কাছে তিনি বলেন সরকারের সিদ্ধান্ত অনুযায়ী এ বিষয়ে প্রয়োজনীয় ব্যবস্থা গ্রহণ করা হয়েছে এবং স্থানীয় প্রশাসনকে নির্দেশনা দেওয়া হয়েছে। এলাকাবাসী জানান ঘটনার পর থেকে তারা আতঙ্কে রয়েছেন। পুলিশ জানিয়েছে তদন্ত চলছে এবং দোষীদের আইনের আওতায় আনা হবে। প্রতিবেদকের কাছে তিনি বলেন সরকারের সিদ্ধান্ত অনুযায়ী এ বিষয়ে প্রয়োজনীয় ব্যবস্থা গ্রহণ করা হয়েছে এবং স্থানীয় প্রশাসনকে নির্দেশনা দেওয়া হয়েছে। এলাকাবাসী জানান ঘটনার পর থেকে তারা আতঙ্কে রয়েছেন। পুলিশ জানিয়েছে তদন্ত চলছে এবং দোষীদের আইনের আওতায় আনা হবে। প্রতিবেদকের কাছে তিনি বলেন সরকারের স
২৯টি বিধি
প্রথম পাতার পর
প্রতিবেদকের কাছে তিনি বলেন সরকারের সিদ্ধান্ত অনুযায়ী এ বিষয়ে প্রয়োজনীয় ব্যবস্থা গ্রহণ করা হয়েছে এবং স্থানীয় প্রশাসনকে নির্দেশনা দেওয়া হয়েছে। এলাকাবাসী জানান ঘটনার পর থেকে তারা আতঙ্কে রয়েছেন। পুলিশ জানিয়েছে তদন্ত চলছে এবং দোষীদের আইনের আওতায় আনা হবে। প্রতিবেদকের কাছে তিনি বলেন সরকারের সিদ্ধান্ত অনুযায়ী এ বিষয়ে প্রয়োজনীয় ব্যবস্থা গ্রহণ করা হয়েছে এবং স্থানীয় প্রশাসনকে নির্দেশনা দেওয়া হয়েছে। এলাকাবাসী জানান ঘটনার পর থেকে তারা আতঙ্কে রয়েছেন। পুলিশ জানিয়েছে তদন্ত চলছে এবং দোষীদের আইনের আওতায় আনা হবে। প্রতিবেদকের কাছে তিনি বলেন সরকারের সিদ্ধান্ত অনুযায়ী এ বিষয়ে প্রয়োজনীয় ব্য
বৃষ্টি ও
প্রথম পাতার পর
প্রতিবেদকের কাছে তিনি বলেন সরকারের সিদ্ধান্ত অনুযায়ী এ বিষয়ে প্রয়োজনীয় ব্যবস্থা গ্রহণ করা হয়েছে এবং স্থানীয় প্রশাসনকে নির্দেশনা দেওয়া হয়েছে। এলাকাবাসী জানান ঘটনার পর থেকে তারা আতঙ্কে রয়েছেন। পুলিশ জানিয়েছে তদন্ত চলছে এবং দোষীদের আইনের আওতায় আনা হবে। প্রতিবেদকের কাছে তিনি বলেন সরকারের সিদ্ধান্ত অনুযায়ী এ বিষয়ে প্রয়োজনীয় ব্যবস্থা গ্রহণ করা হয়েছ
হাসপাতালে
প্রথম পাতার পর
প্রতিবেদকের কাছে তিনি বলেন সরকারের সিদ্ধান্ত অনুযায়ী এ বিষয়ে প্রয়োজনীয় ব্যবস্থা গ্রহণ করা হয়েছে এবং স্থানীয় প্রশাসনকে নির্দেশনা দেওয়া হয়েছে। এলাকাবাসী জানান ঘটনার পর থেকে তারা আতঙ্কে রয়েছেন। পুলিশ জানিয়েছে তদন্ত চলছে এবং দোষীদের আইনের আওতায় আনা হবে। প্রতিবেদকের কাছে তিনি বলেন সরকারের সিদ্ধান্ত অনুযায়ী এ বিষয়ে প্রয়োজনীয় ব্যবস্থা গ্রহণ করা হয়েছে এবং স্থানীয় প্রশাসনকে নির্দেশনা দেওয়া হয়েছে। এলাকাবাসী জানান ঘটনার পর থেকে তারা আতঙ্কে রয়েছেন। পুলিশ জানিয়েছে তদন
চাঁপাইনবাবগঞ্জে
প্রথম পাতার পর
প্রতিবেদকের কাছে তিনি বলেন সরকারের সিদ্ধান্ত অনুযায়ী এ বিষয়ে প্রয়োজনীয় ব্যবস্থা গ্রহণ করা হয়েছে এবং স্থানীয় প্রশাসনকে নির্দেশনা দেওয়া হয়েছে। এলাকাবাসী জানান ঘটনার পর থেকে তারা আতঙ্কে রয়েছেন। পুলিশ জানিয়েছে তদন্ত চলছে এবং দোষীদের আইনের আওতায় আনা হবে। প্রতিবেদকের কাছে তিনি বলেন সরকারের সিদ্ধান্ত অনুযায়ী এ বিষয়ে প্রয়োজনীয় ব্যবস্থা গ্রহণ করা হয়েছে এবং স্থানীয় প্রশাসনকে নির্দেশনা দেওয়া হয়েছে। এলাকাবাসী জানান ঘটনার পর থেকে তারা আতঙ্কে রয়েছেন। পুলিশ জানিয়েছে তদন্ত চলছে এবং দোষীদের আইনের আওতায় আনা হবে। প্রতিবেদকের কাছে তিনি বলেন সরকারের সিদ্ধান্ত অনুযায়ী এ বিষয়ে প্রয়োজনীয় ব্য
বিএনপি
প্রথম পাতার পর
প্রতিবেদকের কাছে তিনি বলেন সরকারের সিদ্ধান্ত অনুযায়ী এ বিষয়ে প্রয়োজনীয় ব্যবস্থা গ্রহণ করা হয়েছে এবং স্থানীয় প্রশাসনকে নির্দেশনা দেওয়া হয়েছে। এলাকাবাসী জানান ঘটনার পর থেকে তারা আতঙ্কে রয়েছেন। পুলিশ জানিয়েছে তদন্ত চলছে এবং দোষীদের আইনের আওতায় আনা হবে। প্রতিবেদকের কাছে তিনি বলেন সরকারের সিদ্ধান্ত অনুযায়ী এ বিষয়ে প্রয়োজনীয় ব্যবস্থা গ্রহণ করা হয়েছ
৩ আগস্ট
প্রথম পাতার পর
প্রতিবেদকের কাছে তিনি বলেন সরকারের সিদ্ধান্ত অনুযায়ী এ বিষয়ে প্রয়োজনীয় ব্যবস্থা গ্রহণ করা হয়েছে এবং স্থানীয় প্রশাসনকে নির্দেশনা দেওয়া হয়েছে। এলাকাবাসী জানান ঘটনার পর থেকে তারা আতঙ্কে রয়েছেন। পুলিশ জানিয়েছে তদন্ত চলছে এবং দোষীদের আইনের আওতায় আনা হবে। প্রতিবেদকের কাছে তিনি বলেন সরকারের সিদ্ধান্ত অনুযায়ী এ বিষয়ে প্রয়োজনীয় ব্যবস্থা গ্রহণ করা হয়েছে এবং স্থানীয় প্রশাসনকে নির্দেশনা দেওয়া হয়েছে। এলাকাবাসী জানান ঘটনার পর থেকে তারা আতঙ্কে রয়েছেন। পুলিশ জানিয়েছে তদন
দ্বিতীয় দিন
প্রথম পাতার পর
প্রতিবেদকের কাছে তিনি বলেন সরকারের সিদ্ধান্ত অনুযায়ী এ বিষয়ে প্রয়োজনীয় ব্যবস্থা গ্রহণ করা হয়েছে এবং স্থানীয় প্রশাসনকে নির্দেশনা দেওয়া হয়েছে। এলাকাবাসী জানান ঘটনার পর থেকে তারা আতঙ্কে রয়েছেন। পুলিশ জানিয়েছে তদন্ত চলছে এবং দোষীদের আইনের আওতায় আনা হবে। প্রতিবেদকের কাছে তিনি বলেন সরকারের সিদ্ধান্ত অনুযায়ী এ বিষয়ে প্রয়োজনীয় ব্যবস্থা গ্রহণ করা হয়েছ
স্বামীর কাছে
প্রথম পাতার পর
প্রতিবেদকের কাছে তিনি বলেন সরকারের সিদ্ধান্ত অনুযায়ী এ বিষয়ে প্রয়োজনীয় ব্যবস্থা গ্রহণ করা হয়েছে এবং স্থানীয় প্রশাসনকে নির্দেশনা দেওয়া হয়েছে। এলাকাবাসী জানান ঘটনার পর থেকে তারা আতঙ্কে রয়েছেন। পুলিশ জানিয়েছে তদন্ত চলছে এবং দোষীদের আইনের আওতায় আনা হবে। প্রতিবেদকের কাছে তিনি বলেন সরকারের সিদ্ধান্ত অনুযায়ী এ বিষয়ে প্রয়োজনীয় ব্যবস্থা গ্রহণ করা হয়েছে এবং স্থানীয় প্রশাসনকে নির্দেশনা দেওয়া হয়েছে। এলাকাবাসী জানান ঘটনার পর থেকে তারা আতঙ্কে রয়েছেন। পুলিশ জানিয়েছে তদন্ত চলছে এবং দোষীদের আইনের আওতায় আনা হবে। প্রতিবেদকের কাছে তিনি বলেন সরকারের সিদ্ধান্ত অনুযায়ী এ বিষয়ে প্রয়োজনীয় ব্যবস্থা গ্রহণ করা হয়েছে এবং স্থানীয় প্রশাসনকে নির্দেশনা দেওয়া হয়েছে। এলাকাবাসী জানান ঘটনার পর থেকে তারা আতঙ্কে রয়েছেন। পুলিশ জানিয়েছে তদন্ত চলছে এবং দোষীদের আইনের আওতায় আনা হবে। প্রতিবেদকের কাছে তিনি বলেন সরকারের সিদ্ধান্ত অনুযায়ী এ বিষয়ে প্রয়োজনীয় ব্যবস্থা গ্রহণ করা হয়েছে এবং স্থানীয় প্রশাসনকে নির্দেশনা দেওয়া হয়েছে। এলাকাবাসী জানান ঘটনার পর থেকে তারা আতঙ্কে রয়েছেন। পুলিশ জানিয়েছে তদন্ত চলছে এবং দোষীদের আইনের আওতায় আনা হবে। প্রতিবেদকের কাছে তিনি বলেন সরকারের সিদ্ধান্ত অনুযায়ী এ বিষয়ে প্রয়োজনীয় ব্যবস্থা গ্রহণ করা হয়েছে এবং স্থানীয় প্রশাসনকে নির্দেশনা দেওয়া হয়েছে। এলাকাবা
চৌরিনজাদপের
প্রথম পাতার পর
প্রতিবেদকের কাছে তিনি বলেন সরকারের সিদ্ধান্ত অনুযায়ী এ বিষয়ে প্রয়োজনীয় ব্যবস্থা গ্রহণ করা হয়েছে এবং স্থানীয় প্রশাসনকে নির্দেশনা দেওয়া হয়েছে। এলাকাবাসী জানান ঘটনার পর থেকে তারা আতঙ্কে রয়েছেন। পুলিশ জানিয়েছে তদন্ত চলছে এবং দোষীদের আইনের আওতায় আনা হবে। প্রতিবেদকের কাছে তিনি বলেন সরকারের সিদ্ধান্ত অনুযায়ী এ বিষয়ে প্রয়োজনীয় ব্যবস্থা গ্রহণ করা হয়েছে এবং স্থানীয় প্রশাসনকে নির্দেশনা দেওয়া হয়েছে। এলাকাবাসী জানান ঘটনার পর থেকে তারা আতঙ্কে রয়েছেন। পুলিশ জানিয়েছে তদন্ত চলছে এবং দোষীদের আইনের আওতায় আনা হবে। প্রতিবেদকের কাছে তিনি বলেন সরকারের সিদ্ধান্ত অনুযায়ী এ বিষয়ে প্রয়োজনীয় ব্যবস্থা গ্রহণ করা হয়েছে এবং স্থানীয় প্রশাসনকে নির্দেশনা দেওয়া হয়েছে। এলাকাবাসী জানান ঘটনার পর থেকে তারা আতঙ্কে রয়েছেন। পুলিশ জানিয়েছে তদন্ত চলছে এবং দোষীদের আইনের আওতায় আনা হবে। প্রতিবেদকের কাছে তিনি বলেন সরকারের সিদ্ধান্ত অনুযায়ী এ বিষয়ে প্রয়োজনীয় ব্যবস্থা গ্রহণ করা হয়েছে এবং স্থানীয় প্রশাসনকে নির্দেশনা দেওয়া হয়েছে। এলাকাবাসী জানান ঘটনার পর থেকে তারা আতঙ্কে রয়েছেন। পুলিশ জানিয়েছে তদন্ত চলছে এবং দোষীদের আইনের আওতায় আনা হবে। প্রতিবেদকের কাছে তিনি বলেন সরকারের সিদ্ধান্ত অনুযায়ী এ বিষয়ে প্রয়োজনীয় ব্যবস্থা গ্রহণ করা হয়েছে এবং স্থানীয় প্রশাসনকে নির্দেশনা দেওয়া হয়েছে। এলাকাবাসী জানান ঘটনার পর থেকে তারা আতঙ্কে রয়েছেন। পুলিশ জানিয়েছে তদন্ত চলছে এবং দোষীদের আইনের আওতায় আনা হবে। প্রতিবেদকের কাছে তিনি বলেন সরকারের সিদ্ধান্ত অনুযায়ী এ বিষয়ে প্রয়োজনীয় ব্যবস্থা গ্রহণ করা হয়েছে এবং স্থানীয় প্রশাসনকে নির্দেশনা দেওয়া হয়েছে। এলাকাবাসী জানান ঘটনার পর থেকে তারা আতঙ্কে রয়েছেন। পুলিশ জানিয়েছে তদন্ত চলছে এবং দোষীদের আইনের আওতায় আনা হবে। প্রতিবেদকের কাছে তিনি বলেন সরকারের সিদ্ধান্ত অনুযায়ী এ বিষয়ে প্রয়োজনীয় ব্যবস্থা গ্রহণ করা হয়েছে এবং স্থানীয়
ফ্রেড ট্রাম্পের
প্রথম পাতার পর
প্রতিবেদকের কাছে তিনি বলেন সরকারের সিদ্ধান্ত অনুযায়ী এ বিষয়ে প্রয়োজনীয় ব্যবস্থা গ্রহণ করা হয়েছে এবং স্থানীয় প্রশাসনকে নির্দেশনা দেওয়া হয়েছে। এলাকাবাসী জানান ঘটনার পর থেকে তারা আতঙ্কে রয়েছেন। পুলিশ জানিয়েছে তদন্ত চলছে এবং দোষীদের আইনের আওতায় আনা হবে। প্রতিবেদকের কাছে তিনি বলেন সরকারের সিদ্ধান্ত অনুযায়ী এ বিষয়ে প্রয়োজনীয় ব্যবস্থা গ্রহণ করা হয়েছে এবং স্থানীয় প্রশাসনকে নির্দেশনা দেওয়া হয়েছে। এলাকাবাসী জানান ঘটনার পর থেকে তারা আতঙ্কে রয়েছেন। পুলিশ জানিয়েছে তদন্ত চলছে এবং দোষীদের আইনের আওতায় আনা হবে। প্রতিবেদকের কাছে তিনি বলেন সরকারের সিদ্ধান্ত অনুযায়ী এ বিষয়ে প্রয়োজনীয় ব্যবস্থা গ্রহণ করা হয়েছে এবং স্থানীয় প্রশাসনকে নির্দেশনা দেওয়া হয়েছে। এলাকাবাসী জানান ঘটনার পর থেকে তারা আতঙ্কে রয়েছেন। পুলিশ জানিয়েছে তদন্ত চলছে এবং দোষীদের আইনের আওতায় আনা হবে। প্রতিবেদকের কাছে তিনি বলেন সরকারের সিদ্ধান্ত অনুযায়ী এ বিষয়ে প্রয়োজনীয় ব্যবস্থা গ্রহণ করা হয়েছে এবং স্থানীয় প্রশাসনকে নির্দেশনা দেওয়া হয়েছে। এলাকাবাসী জানান ঘটনার পর থেকে তারা আতঙ্কে রয়েছেন। পুলিশ জানিয়েছে তদন্ত চলছে এবং দোষীদের আইনের আওতায় আনা হবে। প্রতিবেদকের কাছে তিনি বলেন সরকারের সিদ্ধান্ত অনুযায়ী এ বিষয়ে প্রয়োজনীয় ব্যবস্থা গ্রহণ করা হয়েছে এবং স্থানীয় প্রশাসনকে নির্দেশনা দেওয়া হয়েছে। এলাকাবাসী জানান ঘটনার পর থেকে তারা আতঙ্কে রয়েছেন। পুলিশ জানিয়েছে তদন্ত চলছে এবং দোষীদের আইনের আওতায় আনা হবে। প্রতিবেদকের কাছে তিনি বলেন সরকারের সিদ্ধান্ত অনুযায়ী এ বিষয়ে প্রয়োজনীয় ব্যবস্থা গ্রহণ করা হয়েছে এবং স্থানীয় প্রশাসনকে নির্দেশনা দেওয়া হয়েছে। এলাকাবাসী জানান ঘটনার পর থেকে তারা আতঙ্কে রয়েছেন। পুলিশ জানিয়েছে তদন্ত চলছে এবং দোষীদের আইনের আওতায় আনা হবে। প্রতিবেদকের কাছে তিনি বলেন সরকারের সিদ্ধান্ত অনুযায়ী এ বিষয়ে প্রয়োজনীয় ব্যবস্থা গ্রহণ করা হয়েছে এবং স্থানীয় প্রশাসনকে নির্দেশনা দেওয়া হয়েছে। এলাকাবাসী জানান ঘটনার পর থেকে তারা আতঙ্কে রয়েছেন। পুলিশ জানিয়েছে তদন্ত চলছে এবং দোষীদের আইনের আওতায় আনা হবে। প্রতিবেদকের কাছে তিনি বলেন সরকারের সিদ্ধান্ত অনুযায়ী এ বিষয়ে প্রয়োজনীয় ব্যবস্থা গ্রহণ করা হয়েছে এবং স্থানীয় প্রশাসনকে নির্দেশনা দেওয়া হয়েছে। এলাকাবাসী জানান ঘটনার পর থেকে তারা আতঙ্কে রয়েছেন। পুলিশ জানিয়েছে তদন্ত চলছে এবং দোষীদের আইনের আওতায় আনা হবে। প্রতিবেদকের কাছে তিনি বলেন সরকারের সিদ্ধান্ত অনুযায়ী এ বিষয়ে প্রয়োজনীয় ব্যবস্থা গ্রহণ করা হয়েছে এবং স্থানীয় প্রশাসনকে নির্দেশনা দেওয়া হয়েছে। এলাকাবাসী জানান ঘটনার পর থেকে তারা আতঙ্কে রয়েছেন। পুলিশ জানিয়েছে তদন্ত চলছে এবং দোষীদের আইনের আওতায় আনা হবে। প্রতিবেদকের কাছে তিনি বলেন সরকারের সিদ্ধান্ত অনুযায়ী এ বিষয়ে প্রয়োজনীয় ব্যবস্থা গ্রহণ করা হয়েছে এবং স্থানীয় প্রশাসনকে নির্দেশনা দেওয়া হয়েছে। এলাকাবাসী জানান ঘটনার
গাজায় প্রকট হচ্ছে
প্রথম পাতার পর
প্রতিবেদকের কাছে তিনি বলেন সরকারের সিদ্ধান্ত অনুযায়ী এ বিষয়ে প্রয়োজনীয় ব্যবস্থা গ্রহণ করা হয়েছে এবং স্থানীয় প্রশাসনকে নির্দেশনা দেওয়া হয়েছে। এলাকাবাসী জানান ঘটনার পর থেকে তারা আতঙ্কে রয়েছেন। পুলিশ জানিয়েছে তদন্ত চলছে এবং দোষীদের আইনের আওতায় আনা হবে। প্রতিবেদকের কাছে তিনি বলেন সরকারের সিদ্ধান্ত অনুযায়ী এ বিষয়ে প্রয়োজনীয় ব্যবস্থা গ্রহণ করা হয়েছে এবং স্থানীয় প্রশাসনকে নির্দেশনা দেওয়া হয়েছে। এলাকাবাসী জানান ঘটনার পর থেকে তারা আতঙ্কে রয়েছেন। পুলিশ জানিয়েছে তদন্ত চলছে এবং দোষীদের আইনের আওতায় আনা হবে। প্রতিবেদকের কাছে তিনি বলেন সরকারের সিদ্ধান্ত অনুযায়ী এ বিষয়ে প্রয়োজনীয় ব্যবস্থা গ্রহণ করা হয়েছে এবং স্থানীয় প্রশাসনকে নির্দেশনা দেওয়া হয়েছে। এলাকাবাসী জানান ঘটনার পর থেকে তারা আতঙ্কে রয়েছেন। পুলিশ জানিয়েছে তদন্ত চলছে এবং দোষীদের আইনের আওতায় আনা হবে। প্রতিবেদকের কাছে তিনি বলেন সরকারের সিদ্ধান্ত অনুযায়ী এ বিষয়ে প্রয়োজনীয় ব্যবস্থা গ্রহণ করা হয়েছে এবং স্থানীয় প্রশাসনকে নির্দেশনা দেওয়া হয়েছে। এলাকাবাসী জানান ঘটনার পর থেকে তারা আতঙ্কে রয়েছেন। পুলিশ জানিয়েছে তদন্ত চলছে এবং দোষীদের আইনের আওতায় আনা হবে। প্রতিবেদকের কাছে তিনি বলেন সরকারের সিদ্ধান্ত অনুযায়ী এ বিষয়ে প্রয়োজনীয় ব্যবস্থা গ্রহণ করা হয়েছে এবং স্থানীয় প্রশাসনকে নির্দেশনা দেওয়া হয়েছে। এলাকাবাসী জানান ঘটনার পর থেকে তারা আতঙ্কে রয়েছেন। পুলিশ জানিয়েছে তদন্ত চলছে এবং দোষীদের আইনের আওতায় আনা হবে। প্রতিবেদকের কাছে তিনি বলেন সরকারের সিদ্ধান্ত অনুযায়ী এ বিষয়ে প্রয়োজনীয় ব্যবস্থা গ্রহণ করা হয়েছে এবং স্থানীয় প্রশাসনকে নির্দেশনা দেওয়া হয়েছে। এলাকাবাসী জানান ঘটনার পর থেকে তারা আতঙ্কে রয়েছেন। পুলিশ জানিয়েছে তদন্ত চলছে এবং দোষীদের আইনের আওতায় আনা হবে। প্রতিবেদকের কাছে তিনি বলেন সরকারের সিদ্ধান্ত অনুযায়ী এ বিষয়ে প্রয়োজনীয় ব্যবস্থা গ্রহণ করা হয়েছে এবং স্থানীয় প্রশাসনকে নির্দেশনা দেওয়া হয়েছে। এলাকাবাসী জানান ঘটনার পর থেকে তারা আতঙ্কে রয়েছেন। পুলিশ জানিয়েছে তদন্ত চলছে এবং দোষীদের আইনের আওতায় আনা হবে। প্রতিবেদকের কাছে তিনি বলেন সরকারের সিদ্ধান্ত অনুযায়ী এ বিষয়ে প্রয়োজনীয় ব্যবস্থা গ্রহণ করা হয়েছে এবং স্থানীয় প্রশাসনকে নির্দেশনা দেওয়া হয়েছে। এলাকাবাসী জানান ঘটনার পর থেকে তারা আতঙ্কে রয়েছেন। পুলিশ জানিয়েছে তদন্ত চলছে এবং দোষীদের আইনের আওতায় আনা হবে। প্রতিবেদকের কাছে তিনি বলেন সরকারের সিদ্ধান্ত অনুযায়ী এ বিষয়ে প্রয়োজনীয় ব্যবস্থা গ্রহণ করা হয়েছে এবং স্থানীয় প্রশাসনকে নির্দেশনা দেওয়া হয়েছে। এলাকাবাসী জানান ঘটনার পর থেকে তারা আতঙ্কে রয়েছেন। পুলিশ জানিয়েছে তদন্ত চলছে এবং দোষীদের আইনের আওতায় আনা হবে। প্রতিবেদকের কাছে তিনি বলেন সরকারের সিদ্ধান্ত অনুযায়ী এ বিষয়ে প্রয়োজনীয় ব্যবস্থা গ্রহণ করা হয়েছে এবং স্থানীয় প্রশাসনকে নির্দেশনা দেওয়া হয়েছে। এলাকাবাসী জানান ঘটনার পর থেকে তারা আতঙ্কে রয়েছেন। পুলিশ জানিয়েছে তদন্ত চলছে এবং দোষীদের আইনের আওতায় আনা হবে। প্রতিবেদকের কাছে তিনি বলেন সরক
কয়েক মাসের
প্রথম পাতার পর
প্রতিবেদকের কাছে তিনি বলেন সরকারের সিদ্ধান্ত অনুযায়ী এ বিষয়ে প্রয়োজনীয় ব্যবস্থা গ্রহণ করা হয়েছে এবং স্থানীয় প্রশাসনকে নির্দেশনা দেওয়া হয়েছে। এলাকাবাসী জানান ঘটনার পর থেকে তারা আতঙ্কে রয়েছেন। পুলিশ জানিয়েছে তদন্ত চলছে এবং দোষীদের আইনের আওতায় আনা হবে। প্রতিবেদকের কাছে তিনি বলেন সরকারের সিদ্ধান্ত অনুযায়ী এ বিষয়ে প্রয়োজনীয় ব্যবস্থা গ্রহণ করা হয়েছে এবং স্থানীয় প্রশাসনকে নির্দেশনা দেওয়া হয়েছে। এলাকাবাসী জানান ঘটনার পর থেকে তারা আতঙ্কে রয়েছেন। পুলিশ জানিয়েছে তদন্ত চলছে এবং দোষীদের আইনের আওতায় আনা হবে। প্রতিবেদকের কাছে তিনি বলেন সরকারের সিদ্ধান্ত অনুযায়ী এ বিষয়ে প্রয়োজনীয় ব্যবস্থা গ্রহণ করা হয়েছে এবং স্থানীয় প্রশাসনকে নির্দেশনা দেওয়া হয়েছে। এলাকাবাসী জানান ঘটনার পর থেকে তারা আতঙ্কে রয়েছেন। পুলিশ জানিয়েছে তদন্ত চলছে এবং দোষীদের আইনের আওতায় আনা হবে। প্রতিবেদকের কাছে তিনি বলেন সরকারের সিদ্ধান্ত অনুযায়ী এ বিষয়ে প্রয়োজনীয় ব্যবস্থা গ্রহণ করা হয়েছে এবং স্থানীয় প্রশাসনকে নির্দেশনা দেওয়া হয়েছে। এলাকাবাসী জানান ঘটনার পর থেকে তারা আতঙ্কে রয়েছেন। পুলিশ জানিয়েছে তদন্ত চলছে এবং দোষীদের আইনের আওতায় আনা হবে। প্রতিবেদকের কাছে তিনি বলেন সরকারের সিদ্ধান্ত অনুযায়ী এ বিষয়ে প্রয়োজনীয় ব্যবস্থা গ্রহণ করা হয়েছে এবং স্থানীয় প্রশাসনকে নির্দেশনা দেওয়া হয়েছে। এলাকাবাসী জানান ঘটনার পর থেকে তারা আতঙ্কে রয়েছেন। পুলিশ জানিয়েছে তদন্ত চলছে এবং দোষীদের আইনের আওতায় আনা হবে। প্রতিবেদকের কাছে তিনি বলেন সরকারের সিদ্ধান্ত অনুযায়ী এ বিষয়ে প্রয়োজনীয় ব্যবস্থা গ্রহণ করা হয়েছে এবং স্থানীয় প্রশাসনকে নির্দেশনা দেওয়া হয়েছে। এলাকাবাসী জানান ঘটনার পর থেকে তারা আতঙ্কে রয়েছেন। পুলিশ জানিয়েছে তদন্ত চলছে এবং দোষীদের আইনের আওতায় আনা
মোস্তাফিজের জন্য
প্রথম পাতার পর
প্রতিবেদকের কাছে তিনি বলেন সরকারের সিদ্ধান্ত অনুযায়ী এ বিষয়ে প্রয়োজনীয় ব্যবস্থা গ্রহণ করা হয়েছে এবং স্থানীয় প্রশাসনকে নির্দেশনা দেওয়া হয়েছে। এলাকাবাসী জানান ঘটনার পর থেকে তারা আতঙ্কে রয়েছেন। পুলিশ জানিয়েছে তদন্ত চলছে এবং দোষীদের আইনের আওতায় আনা হবে। প্রতিবেদকের কাছে তিনি বলেন সরকারের সিদ্ধান্ত অনুযায়ী এ বিষয়ে প্রয়োজনীয় ব্যবস্থা গ্রহণ করা হয়েছে এবং স্থানীয় প্রশাসনকে নির্দেশনা দেওয়া হয়েছে। এলাকাবাসী জানান ঘটনার পর থেকে তারা আতঙ্কে রয়েছেন। পুলিশ জানিয়েছে তদন
